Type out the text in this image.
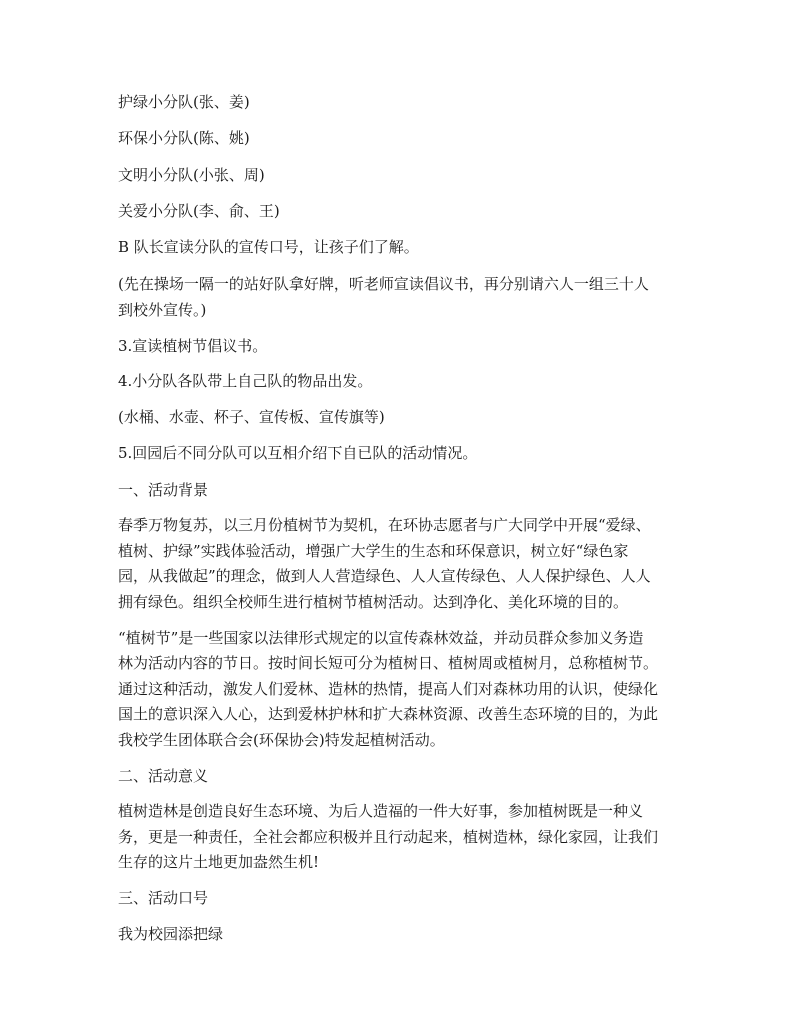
护绿小分队(张、姜)

环保小分队(陈、姚)

文明小分队(小张、周)

关爱小分队(李、俞、王)

B 队长宣读分队的宣传口号，让孩子们了解。

(先在操场一隔一的站好队拿好牌，听老师宣读倡议书，再分别请六人一组三十人

到校外宣传。)

3.宣读植树节倡议书。

4.小分队各队带上自己队的物品出发。

(水桶、水壶、杯子、宣传板、宣传旗等)

5.回园后不同分队可以互相介绍下自已队的活动情况。

一、活动背景

春季万物复苏，以三月份植树节为契机，在环协志愿者与广大同学中开展“爱绿、

植树、护绿”实践体验活动，增强广大学生的生态和环保意识，树立好“绿色家

园，从我做起”的理念，做到人人营造绿色、人人宣传绿色、人人保护绿色、人人

拥有绿色。组织全校师生进行植树节植树活动。达到净化、美化环境的目的。

“植树节”是一些国家以法律形式规定的以宣传森林效益，并动员群众参加义务造

林为活动内容的节日。按时间长短可分为植树日、植树周或植树月，总称植树节。

通过这种活动，激发人们爱林、造林的热情，提高人们对森林功用的认识，使绿化

国土的意识深入人心，达到爱林护林和扩大森林资源、改善生态环境的目的，为此

我校学生团体联合会(环保协会)特发起植树活动。

二、活动意义

植树造林是创造良好生态环境、为后人造福的一件大好事，参加植树既是一种义

务，更是一种责任，全社会都应积极并且行动起来，植树造林，绿化家园，让我们

生存的这片土地更加盎然生机!

三、活动口号

我为校园添把绿
